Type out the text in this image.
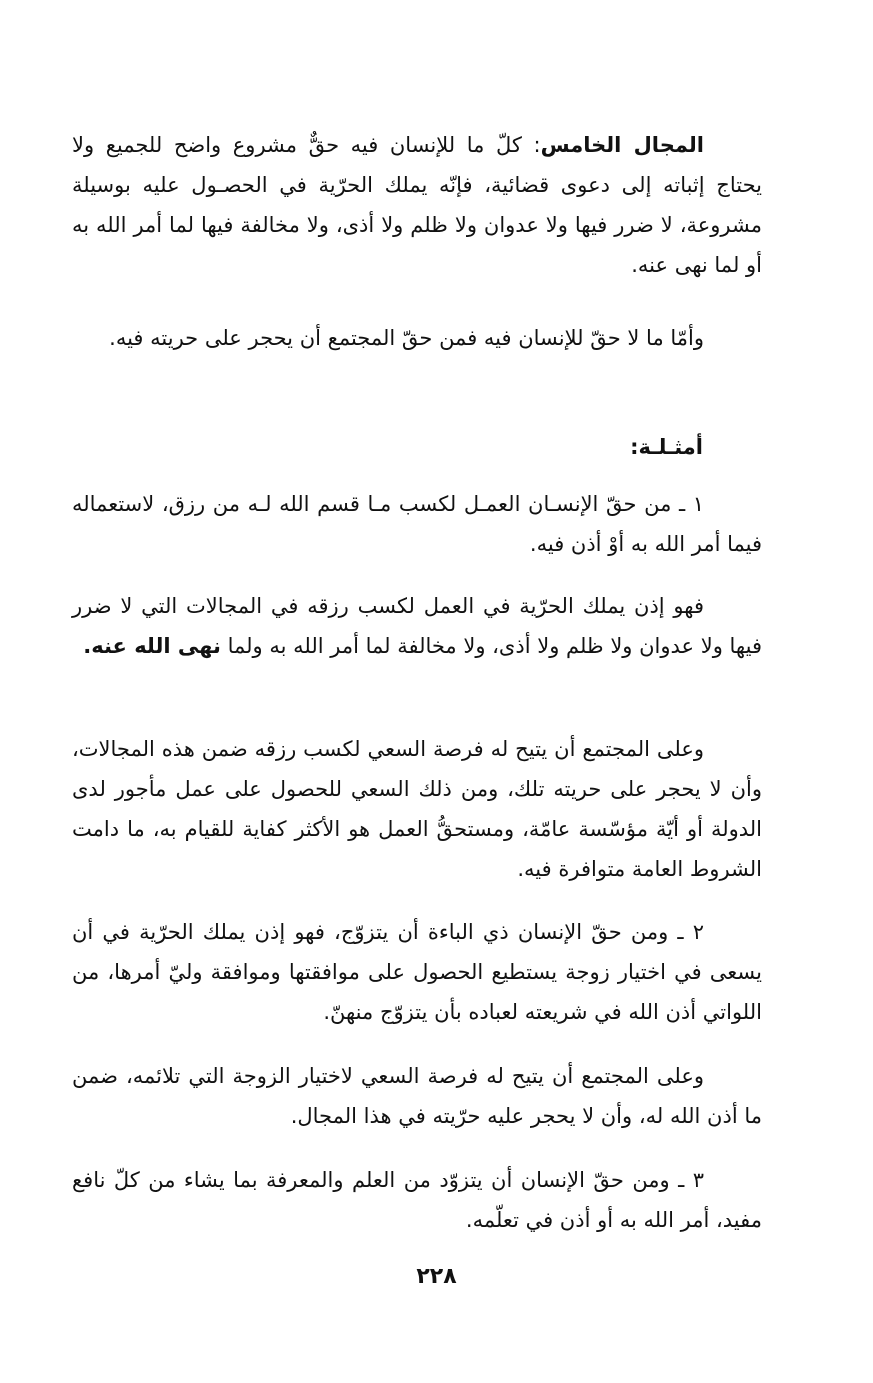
المجال الخامس: كلّ ما للإنسان فيه حقٌّ مشروع واضح للجميع ولا يحتاج إثباته إلى دعوى قضائية، فإنّه يملك الحرّية في الحصـول عليه بوسيلة مشروعة، لا ضرر فيها ولا عدوان ولا ظلم ولا أذى، ولا مخالفة فيها لما أمر الله به أو لما نهى عنه.

وأمّا ما لا حقّ للإنسان فيه فمن حقّ المجتمع أن يحجر على حريته فيه.

أمثـلـة:

١ ـ من حقّ الإنسـان العمـل لكسب مـا قسم الله لـه من رزق، لاستعماله فيما أمر الله به أوْ أذن فيه.

فهو إذن يملك الحرّية في العمل لكسب رزقه في المجالات التي لا ضرر فيها ولا عدوان ولا ظلم ولا أذى، ولا مخالفة لما أمر الله به ولما نهى الله عنه.

وعلى المجتمع أن يتيح له فرصة السعي لكسب رزقه ضمن هذه المجالات، وأن لا يحجر على حريته تلك، ومن ذلك السعي للحصول على عمل مأجور لدى الدولة أو أيّة مؤسّسة عامّة، ومستحقُّ العمل هو الأكثر كفاية للقيام به، ما دامت الشروط العامة متوافرة فيه.

٢ ـ ومن حقّ الإنسان ذي الباءة أن يتزوّج، فهو إذن يملك الحرّية في أن يسعى في اختيار زوجة يستطيع الحصول على موافقتها وموافقة وليّ أمرها، من اللواتي أذن الله في شريعته لعباده بأن يتزوّج منهنّ.

وعلى المجتمع أن يتيح له فرصة السعي لاختيار الزوجة التي تلائمه، ضمن ما أذن الله له، وأن لا يحجر عليه حرّيته في هذا المجال.

٣ ـ ومن حقّ الإنسان أن يتزوّد من العلم والمعرفة بما يشاء من كلّ نافع مفيد، أمر الله به أو أذن في تعلّمه.

٢٢٨
